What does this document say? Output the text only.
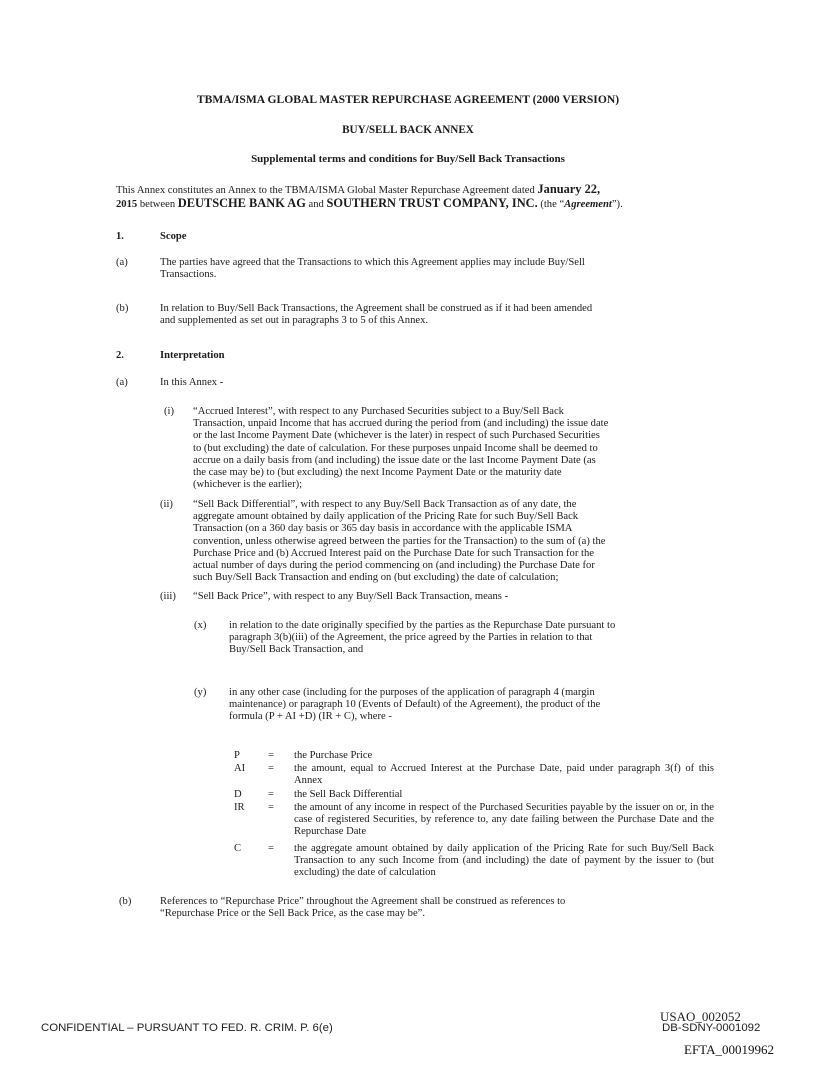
TBMA/ISMA GLOBAL MASTER REPURCHASE AGREEMENT (2000 VERSION)
BUY/SELL BACK ANNEX
Supplemental terms and conditions for Buy/Sell Back Transactions
This Annex constitutes an Annex to the TBMA/ISMA Global Master Repurchase Agreement dated January 22,
2015 between DEUTSCHE BANK AG and SOUTHERN TRUST COMPANY, INC. (the “Agreement”).
1.	Scope
(a)	The parties have agreed that the Transactions to which this Agreement applies may include Buy/Sell
Transactions.
(b)	In relation to Buy/Sell Back Transactions, the Agreement shall be construed as if it had been amended
and supplemented as set out in paragraphs 3 to 5 of this Annex.
2.	Interpretation
(a)	In this Annex -
(i) “Accrued Interest”, with respect to any Purchased Securities subject to a Buy/Sell Back
Transaction, unpaid Income that has accrued during the period from (and including) the issue date
or the last Income Payment Date (whichever is the later) in respect of such Purchased Securities
to (but excluding) the date of calculation. For these purposes unpaid Income shall be deemed to
accrue on a daily basis from (and including) the issue date or the last Income Payment Date (as
the case may be) to (but excluding) the next Income Payment Date or the maturity date
(whichever is the earlier);
(ii) “Sell Back Differential”, with respect to any Buy/Sell Back Transaction as of any date, the
aggregate amount obtained by daily application of the Pricing Rate for such Buy/Sell Back
Transaction (on a 360 day basis or 365 day basis in accordance with the applicable ISMA
convention, unless otherwise agreed between the parties for the Transaction) to the sum of (a) the
Purchase Price and (b) Accrued Interest paid on the Purchase Date for such Transaction for the
actual number of days during the period commencing on (and including) the Purchase Date for
such Buy/Sell Back Transaction and ending on (but excluding) the date of calculation;
(iii) “Sell Back Price”, with respect to any Buy/Sell Back Transaction, means -
(x) in relation to the date originally specified by the parties as the Repurchase Date pursuant to
paragraph 3(b)(iii) of the Agreement, the price agreed by the Parties in relation to that
Buy/Sell Back Transaction, and
(y) in any other case (including for the purposes of the application of paragraph 4 (margin
maintenance) or paragraph 10 (Events of Default) of the Agreement), the product of the
formula (P + AI +D) (IR + C), where -
P	= the Purchase Price
AI = the amount, equal to Accrued Interest at the Purchase Date, paid under paragraph 3(f) of this Annex
D = the Sell Back Differential
IR = the amount of any income in respect of the Purchased Securities payable by the issuer on or, in the case of registered Securities, by reference to, any date failing between the Purchase Date and the Repurchase Date
C	= the aggregate amount obtained by daily application of the Pricing Rate for such Buy/Sell Back Transaction to any such Income from (and including) the date of payment by the issuer to (but excluding) the date of calculation
(b)	References to “Repurchase Price” throughout the Agreement shall be construed as references to
“Repurchase Price or the Sell Back Price, as the case may be”.
CONFIDENTIAL – PURSUANT TO FED. R. CRIM. P. 6(e)
USAO_002052
DB-SDNY-0001092
EFTA_00019962
